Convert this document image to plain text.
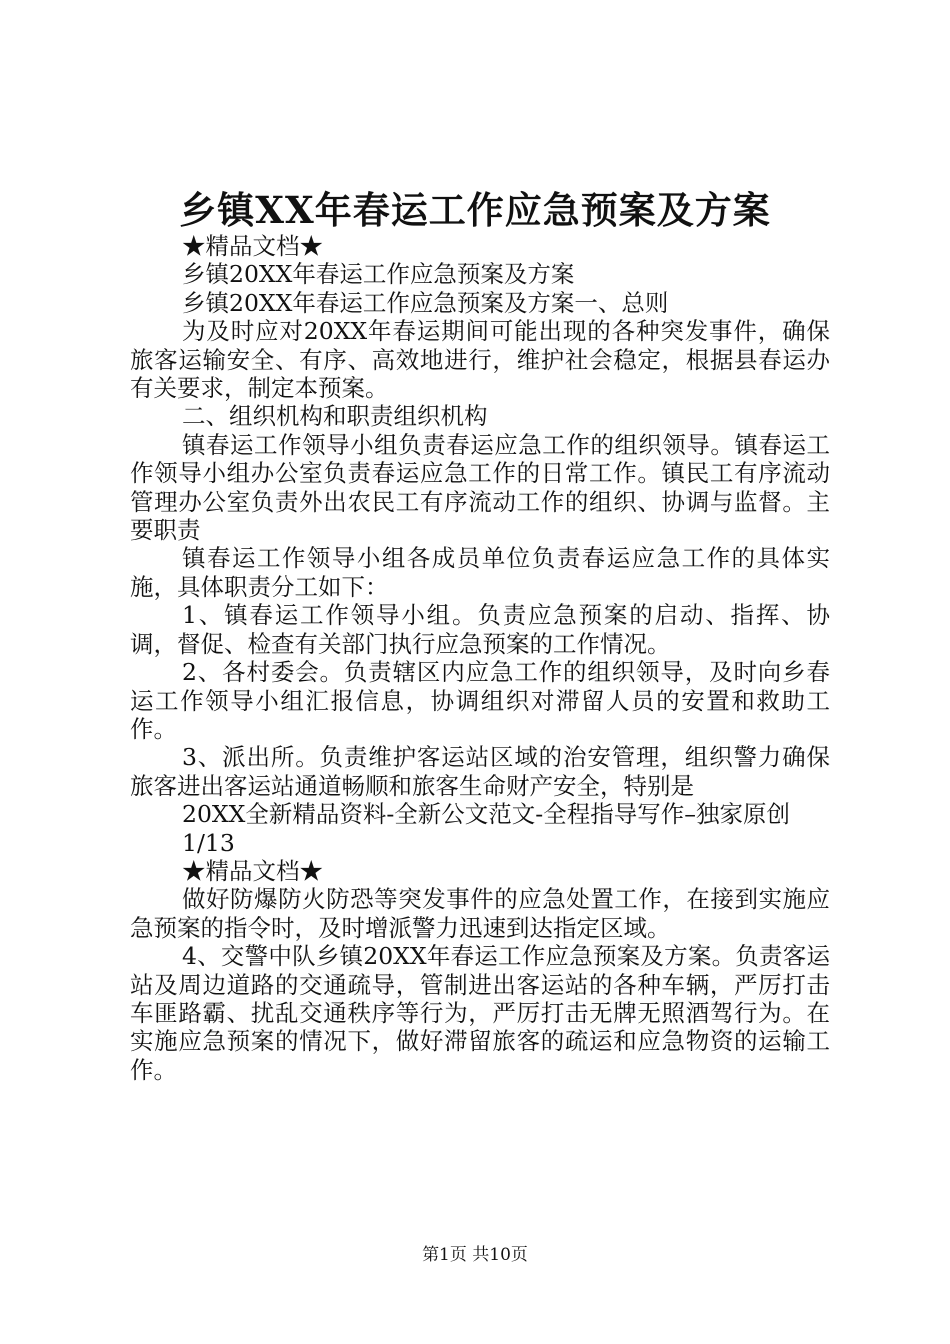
乡镇XX年春运工作应急预案及方案

★精品文档★

乡镇20XX年春运工作应急预案及方案

乡镇20XX年春运工作应急预案及方案一、总则

为及时应对20XX年春运期间可能出现的各种突发事件，确保旅客运输安全、有序、高效地进行，维护社会稳定，根据县春运办有关要求，制定本预案。

二、组织机构和职责组织机构

镇春运工作领导小组负责春运应急工作的组织领导。镇春运工作领导小组办公室负责春运应急工作的日常工作。镇民工有序流动管理办公室负责外出农民工有序流动工作的组织、协调与监督。主要职责

镇春运工作领导小组各成员单位负责春运应急工作的具体实施，具体职责分工如下：

1、镇春运工作领导小组。负责应急预案的启动、指挥、协调，督促、检查有关部门执行应急预案的工作情况。

2、各村委会。负责辖区内应急工作的组织领导，及时向乡春运工作领导小组汇报信息，协调组织对滞留人员的安置和救助工作。

3、派出所。负责维护客运站区域的治安管理，组织警力确保旅客进出客运站通道畅顺和旅客生命财产安全，特别是

20XX全新精品资料-全新公文范文-全程指导写作–独家原创

1/13

★精品文档★

做好防爆防火防恐等突发事件的应急处置工作，在接到实施应急预案的指令时，及时增派警力迅速到达指定区域。

4、交警中队乡镇20XX年春运工作应急预案及方案。负责客运站及周边道路的交通疏导，管制进出客运站的各种车辆，严厉打击车匪路霸、扰乱交通秩序等行为，严厉打击无牌无照酒驾行为。在实施应急预案的情况下，做好滞留旅客的疏运和应急物资的运输工作。

第1页 共10页
